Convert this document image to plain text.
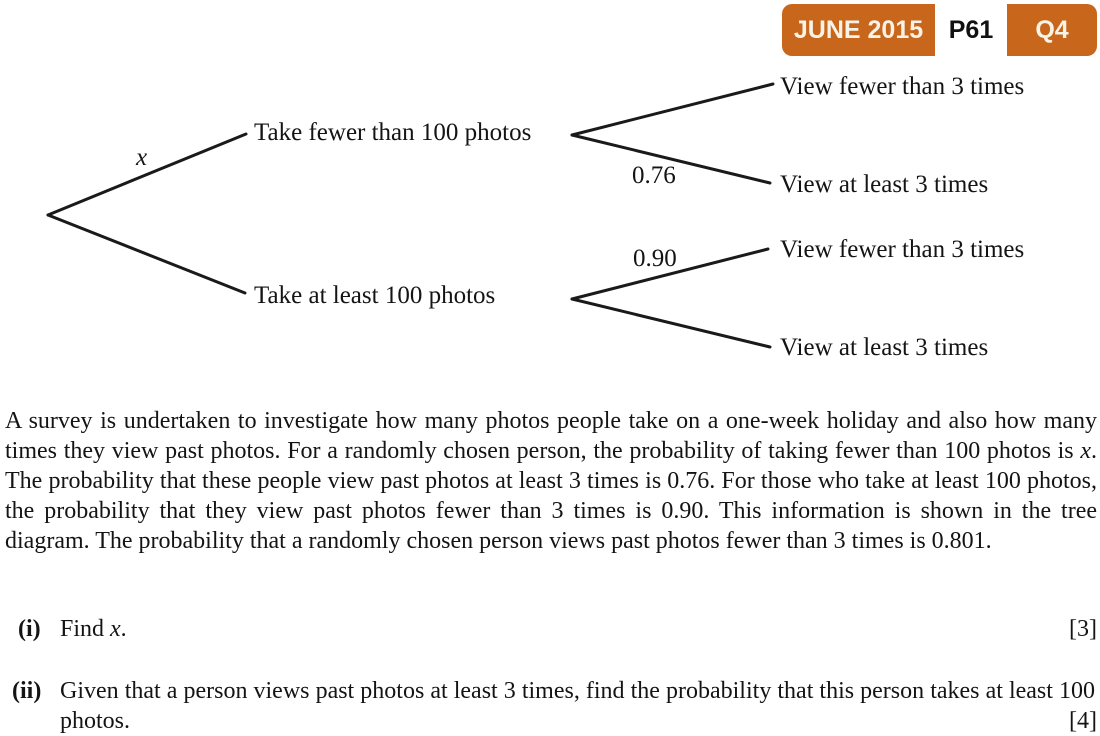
JUNE 2015	P61	Q4
x
Take fewer than 100 photos
Take at least 100 photos
0.76
0.90
View fewer than 3 times
View at least 3 times
View fewer than 3 times
View at least 3 times

A survey is undertaken to investigate how many photos people take on a one-week holiday and also how many times they view past photos. For a randomly chosen person, the probability of taking fewer than 100 photos is x. The probability that these people view past photos at least 3 times is 0.76. For those who take at least 100 photos, the probability that they view past photos fewer than 3 times is 0.90. This information is shown in the tree diagram. The probability that a randomly chosen person views past photos fewer than 3 times is 0.801.

(i) Find x.	[3]
(ii) Given that a person views past photos at least 3 times, find the probability that this person takes at least 100 photos.	[4]
